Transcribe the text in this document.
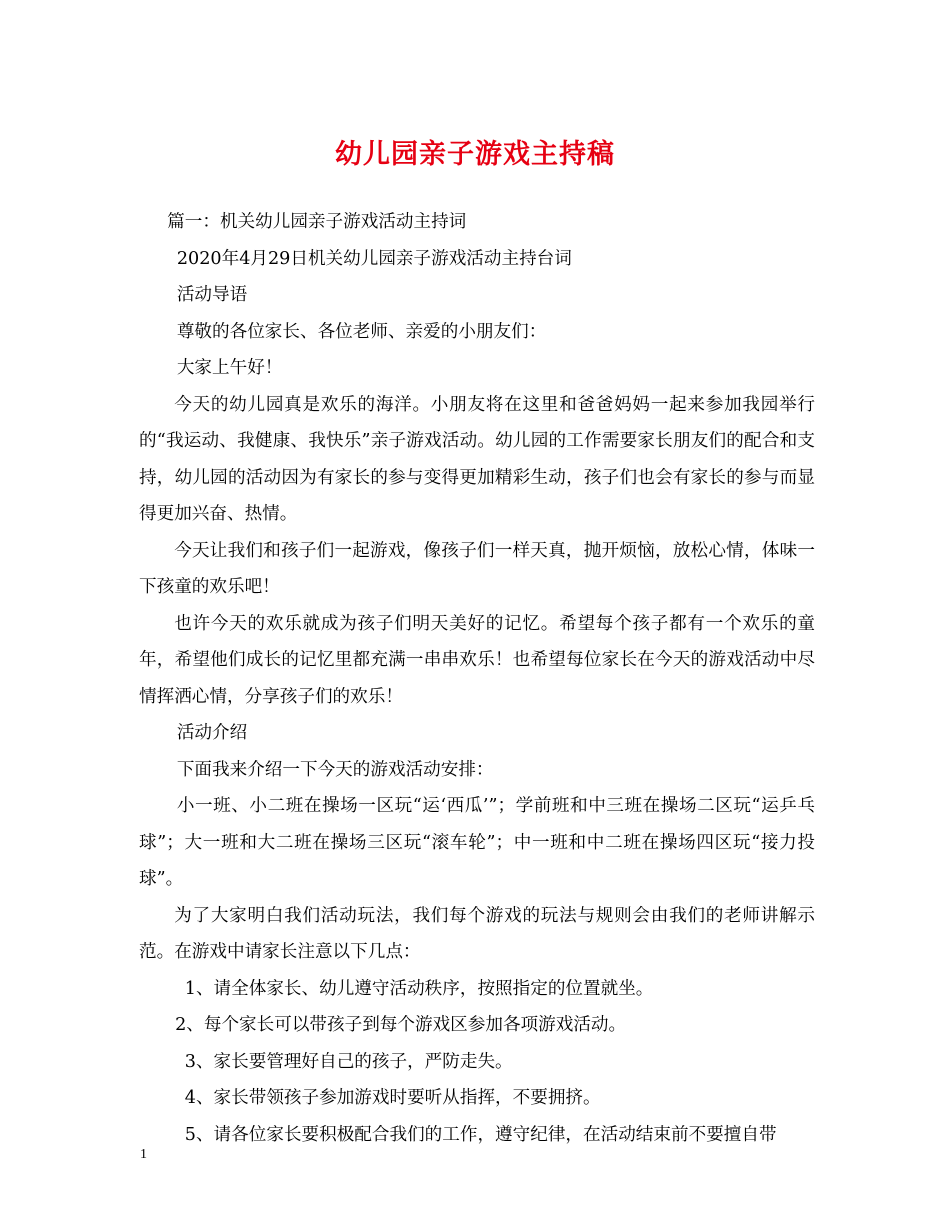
幼儿园亲子游戏主持稿

篇一：机关幼儿园亲子游戏活动主持词

2020年4月29日机关幼儿园亲子游戏活动主持台词

活动导语

尊敬的各位家长、各位老师、亲爱的小朋友们：

大家上午好！

今天的幼儿园真是欢乐的海洋。小朋友将在这里和爸爸妈妈一起来参加我园举行的“我运动、我健康、我快乐”亲子游戏活动。幼儿园的工作需要家长朋友们的配合和支持，幼儿园的活动因为有家长的参与变得更加精彩生动，孩子们也会有家长的参与而显得更加兴奋、热情。

今天让我们和孩子们一起游戏，像孩子们一样天真，抛开烦恼，放松心情，体味一下孩童的欢乐吧！

也许今天的欢乐就成为孩子们明天美好的记忆。希望每个孩子都有一个欢乐的童年，希望他们成长的记忆里都充满一串串欢乐！也希望每位家长在今天的游戏活动中尽情挥洒心情，分享孩子们的欢乐！

活动介绍

下面我来介绍一下今天的游戏活动安排：

小一班、小二班在操场一区玩“运‘西瓜’”；学前班和中三班在操场二区玩“运乒乓球”；大一班和大二班在操场三区玩“滚车轮”；中一班和中二班在操场四区玩“接力投球”。

为了大家明白我们活动玩法，我们每个游戏的玩法与规则会由我们的老师讲解示范。在游戏中请家长注意以下几点：

1、请全体家长、幼儿遵守活动秩序，按照指定的位置就坐。

2、每个家长可以带孩子到每个游戏区参加各项游戏活动。

3、家长要管理好自己的孩子，严防走失。

4、家长带领孩子参加游戏时要听从指挥，不要拥挤。

5、请各位家长要积极配合我们的工作，遵守纪律，在活动结束前不要擅自带

1
